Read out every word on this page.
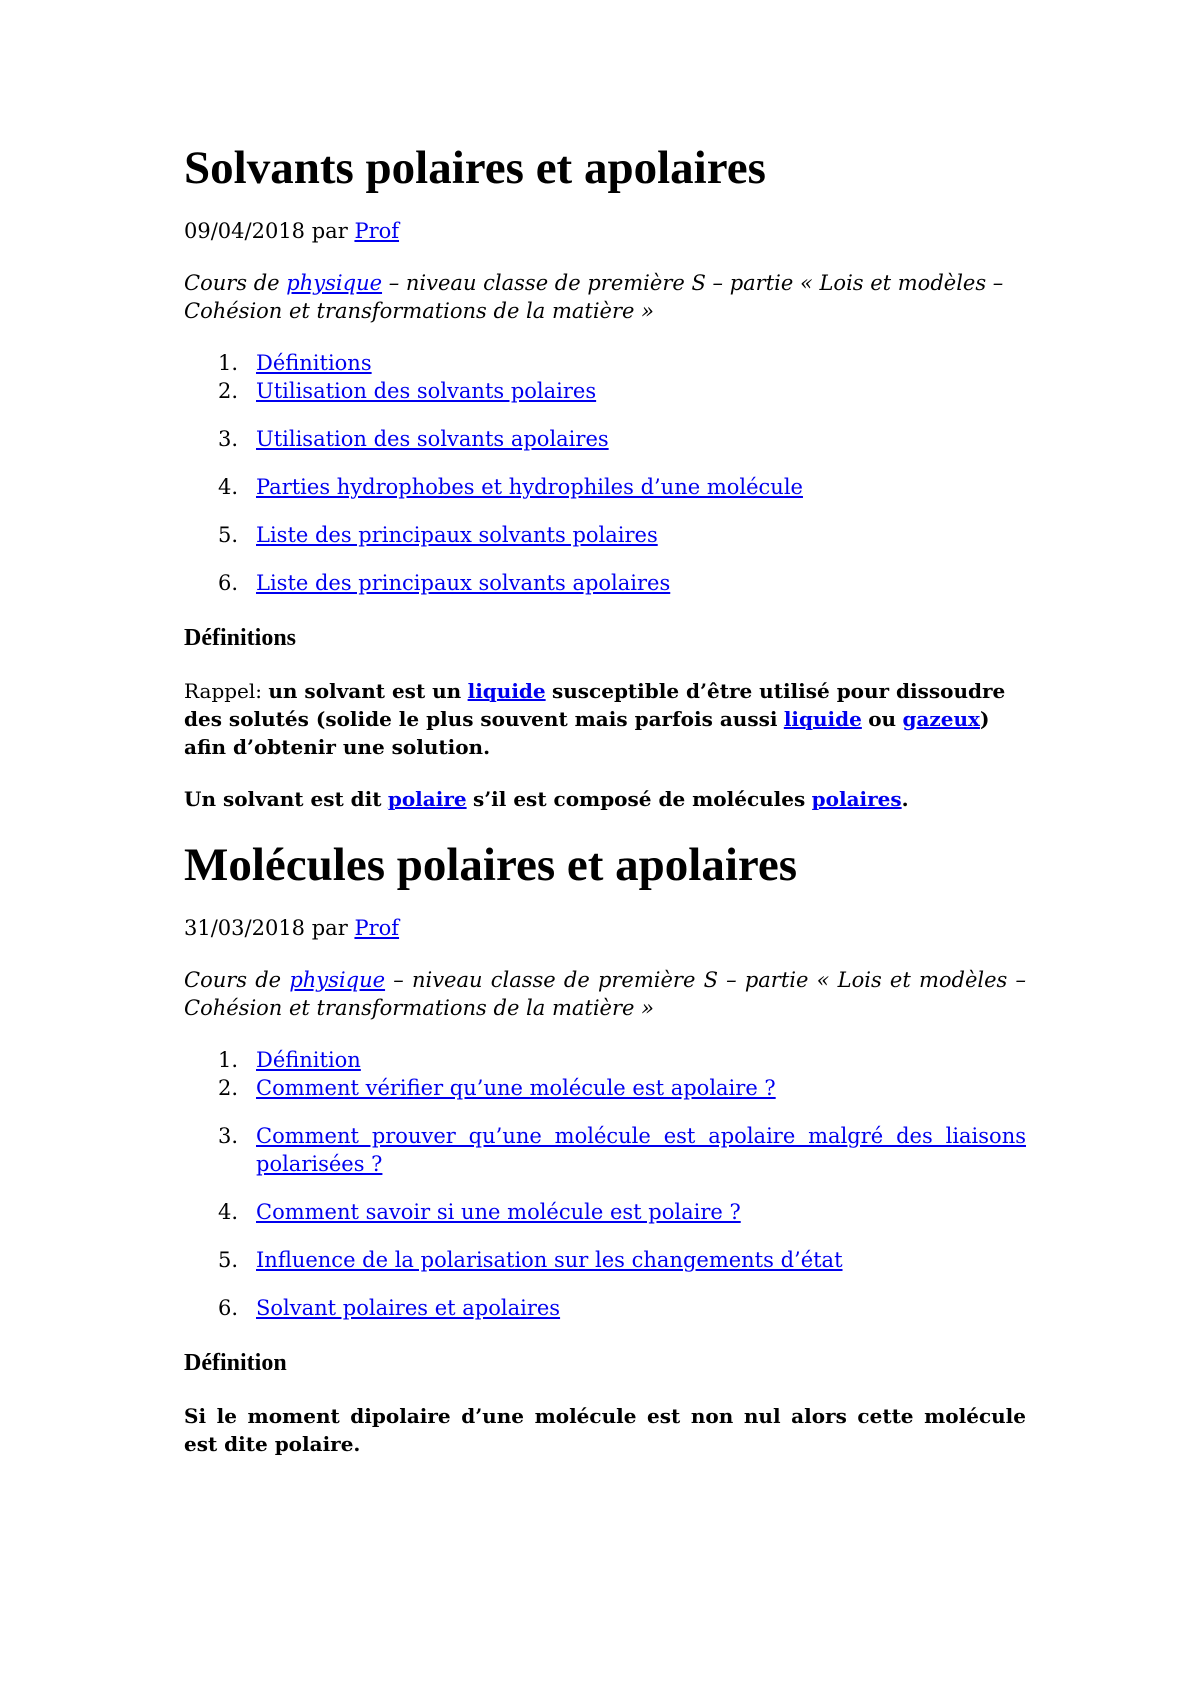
Solvants polaires et apolaires

09/04/2018 par Prof

Cours de physique – niveau classe de première S – partie « Lois et modèles – Cohésion et transformations de la matière »

1. Définitions
2. Utilisation des solvants polaires
3. Utilisation des solvants apolaires
4. Parties hydrophobes et hydrophiles d’une molécule
5. Liste des principaux solvants polaires
6. Liste des principaux solvants apolaires
Définitions

Rappel: un solvant est un liquide susceptible d’être utilisé pour dissoudre des solutés (solide le plus souvent mais parfois aussi liquide ou gazeux) afin d’obtenir une solution.

Un solvant est dit polaire s’il est composé de molécules polaires.

Molécules polaires et apolaires

31/03/2018 par Prof

Cours de physique – niveau classe de première S – partie « Lois et modèles – Cohésion et transformations de la matière »

1. Définition
2. Comment vérifier qu’une molécule est apolaire ?
3. Comment prouver qu’une molécule est apolaire malgré des liaisons polarisées ?
4. Comment savoir si une molécule est polaire ?
5. Influence de la polarisation sur les changements d’état
6. Solvant polaires et apolaires
Définition

Si le moment dipolaire d’une molécule est non nul alors cette molécule est dite polaire.
